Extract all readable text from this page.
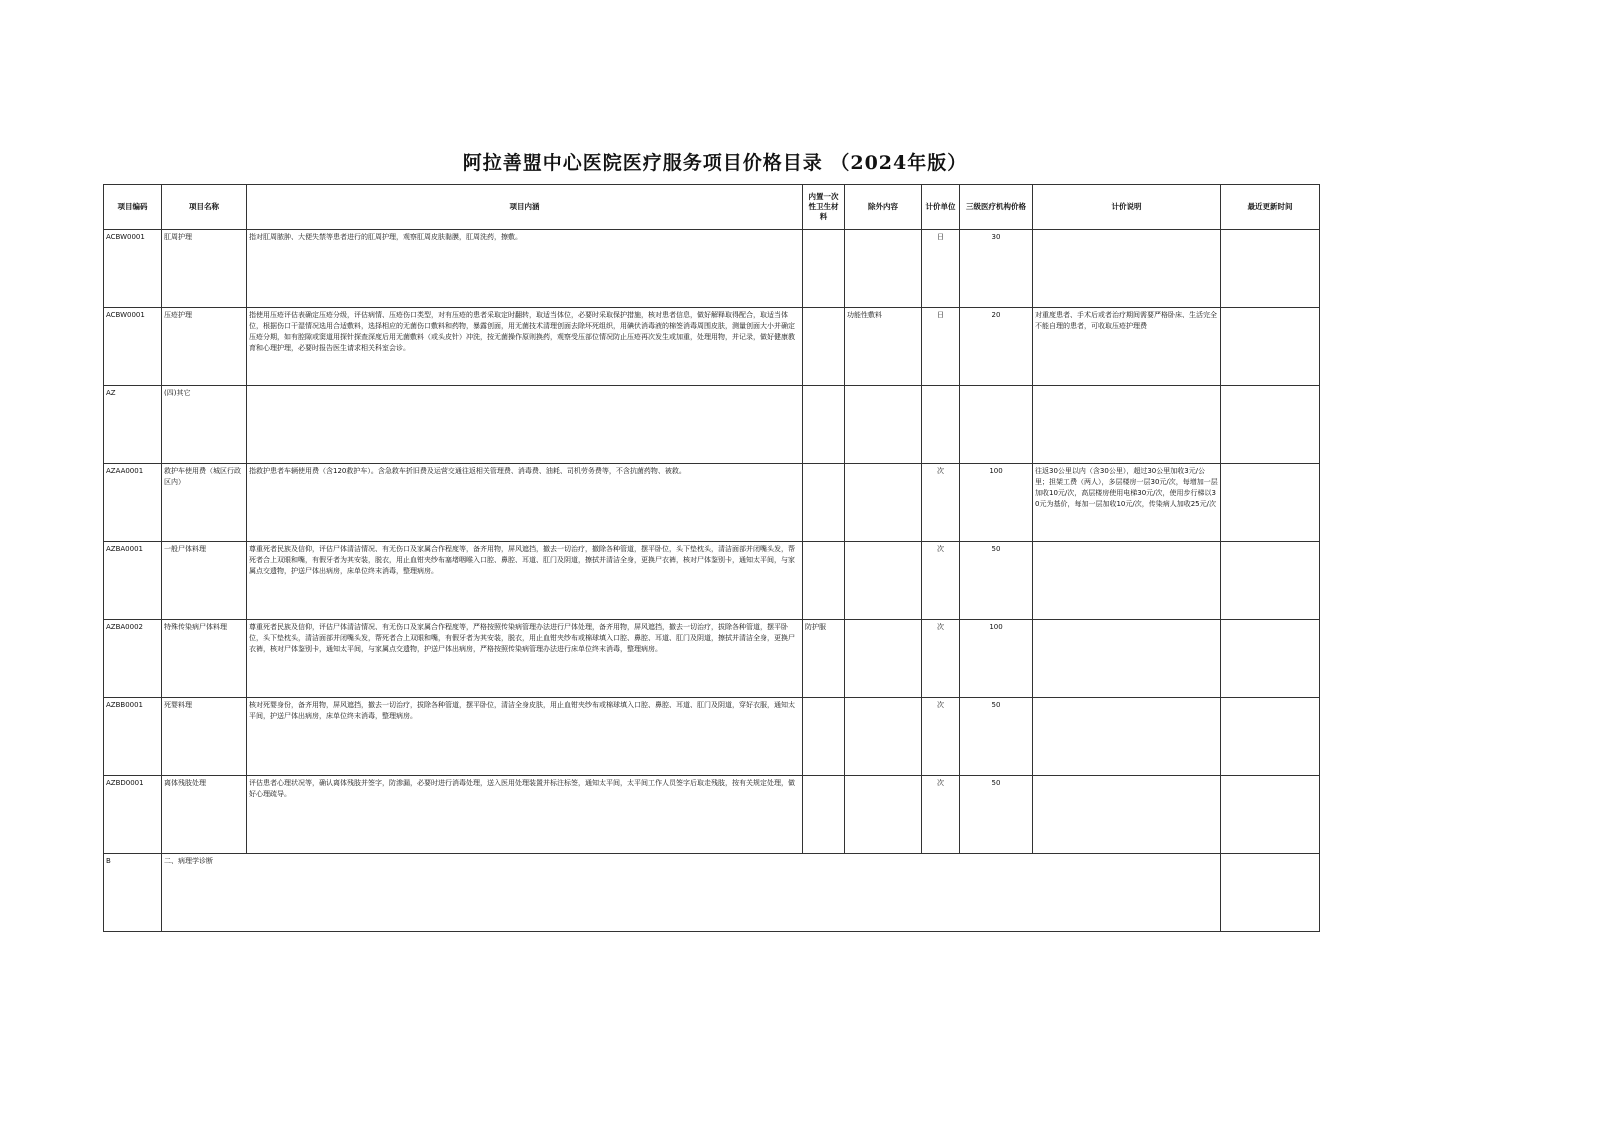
阿拉善盟中心医院医疗服务项目价格目录 （2024年版）
项目编码	项目名称	项目内涵	内置一次性卫生材料	除外内容	计价单位	三级医疗机构价格	计价说明	最近更新时间
ACBW0001	肛周护理	指对肛周脓肿、大便失禁等患者进行的肛周护理，观察肛周皮肤黏膜，肛周洗药，擦敷。			日	30		
ACBW0001	压疮护理	指使用压疮评估表确定压疮分级，评估病情、压疮伤口类型，对有压疮的患者采取定时翻转，取适当体位，必要时采取保护措施，核对患者信息，做好解释取得配合，取适当体位，根据伤口干湿情况选用合适敷料，选择相应的无菌伤口敷料和药物，暴露创面，用无菌技术清理创面去除坏死组织，用碘伏消毒液的棉签消毒周围皮肤，测量创面大小并确定压疮分期，如有腔隙或窦道用探针探查深度后用无菌敷料（或头皮针）冲洗，按无菌操作原则换药，观察受压部位情况防止压疮再次发生或加重，处理用物，并记录，做好健康教育和心理护理，必要时报告医生请求相关科室会诊。		功能性敷料	日	20	对重度患者、手术后或者治疗期间需要严格卧床、生活完全不能自理的患者，可收取压疮护理费	
AZ	(四)其它							
AZAA0001	救护车使用费（城区行政区内）	指救护患者车辆使用费（含120救护车）。含急救车折旧费及运营交通往返相关管理费、消毒费、油耗、司机劳务费等，不含抗菌药物、被救。			次	100	往返30公里以内（含30公里），超过30公里加收3元/公里；担架工费（两人），多层楼房一层30元/次，每增加一层加收10元/次，高层楼房使用电梯30元/次，使用步行梯以30元为基价，每加一层加收10元/次，传染病人加收25元/次	
AZBA0001	一般尸体料理	尊重死者民族及信仰，评估尸体清洁情况、有无伤口及家属合作程度等，备齐用物，屏风遮挡，撤去一切治疗，撤除各种管道，摆平卧位，头下垫枕头，清洁面部并闭嘴头发，帮死者合上双眼和嘴，有假牙者为其安装，脱衣，用止血钳夹纱布塞堵咽喉入口腔、鼻腔、耳道、肛门及阴道，擦拭并清洁全身，更换尸衣裤，核对尸体鉴别卡，通知太平间，与家属点交遗物，护送尸体出病房，床单位终末消毒，整理病房。			次	50		
AZBA0002	特殊传染病尸体料理	尊重死者民族及信仰，评估尸体清洁情况、有无伤口及家属合作程度等，严格按照传染病管理办法进行尸体处理，备齐用物，屏风遮挡，撤去一切治疗，拔除各种管道，摆平卧位，头下垫枕头，清洁面部并闭嘴头发，帮死者合上双眼和嘴，有假牙者为其安装，脱衣，用止血钳夹纱布或棉球填入口腔、鼻腔、耳道、肛门及阴道，擦拭并清洁全身，更换尸衣裤，核对尸体鉴别卡，通知太平间，与家属点交遗物，护送尸体出病房，严格按照传染病管理办法进行床单位终末消毒，整理病房。	防护服		次	100		
AZBB0001	死婴料理	核对死婴身份，备齐用物，屏风遮挡，撤去一切治疗，拔除各种管道，摆平卧位，清洁全身皮肤，用止血钳夹纱布或棉球填入口腔、鼻腔、耳道、肛门及阴道，穿好衣服，通知太平间，护送尸体出病房，床单位终末消毒，整理病房。			次	50		
AZBD0001	离体残肢处理	评估患者心理状况等，确认离体残肢并签字，防渗漏，必要时进行消毒处理，送入医用处理装置并标注标签，通知太平间，太平间工作人员签字后取走残肢，按有关规定处理，做好心理疏导。			次	50		
B	二、病理学诊断							
